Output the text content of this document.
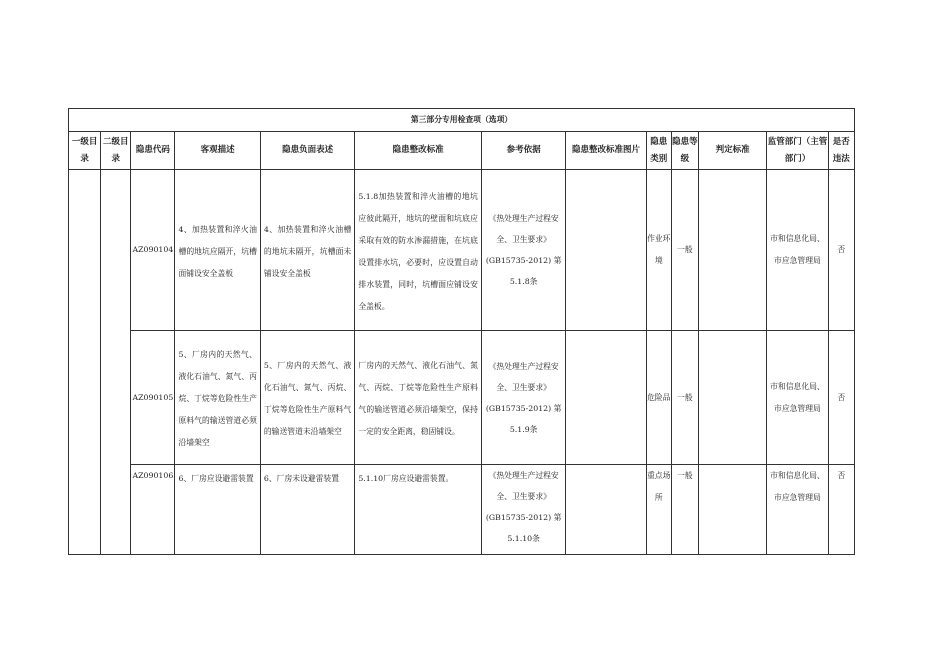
第三部分专用检查项（选项）												
一级目录	二级目录	隐患代码	客观描述	隐患负面表述	隐患整改标准	参考依据	隐患整改标准图片	隐患类别	隐患等级	判定标准	监管部门（主管部门）	是否违法
		AZ090104	4、加热装置和淬火油槽的地坑应隔开，坑槽面铺设安全盖板	4、加热装置和淬火油槽的地坑未隔开，坑槽面未铺设安全盖板	5.1.8加热装置和淬火油槽的地坑应彼此隔开，地坑的壁面和坑底应采取有效的防水渗漏措施，在坑底设置排水坑，必要时，应设置自动排水装置，同时，坑槽面应铺设安全盖板。	《热处理生产过程安全、卫生要求》(GB15735-2012) 第5.1.8条		作业环境	一般		市和信息化局、市应急管理局	否
		AZ090105	5、厂房内的天然气、液化石油气、氮气、丙烷、丁烷等危险性生产原料气的输送管道必须沿墙架空	5、厂房内的天然气、液化石油气、氮气、丙烷、丁烷等危险性生产原料气的输送管道未沿墙架空	厂房内的天然气、液化石油气、氮气、丙烷、丁烷等危险性生产原料气的输送管道必须沿墙架空，保持一定的安全距离，稳固铺设。	《热处理生产过程安全、卫生要求》(GB15735-2012) 第5.1.9条		危险品	一般		市和信息化局、市应急管理局	否
		AZ090106	6、厂房应设避雷装置	6、厂房未设避雷装置	5.1.10厂房应设避雷装置。	《热处理生产过程安全、卫生要求》(GB15735-2012) 第5.1.10条		重点场所	一般		市和信息化局、市应急管理局	否
